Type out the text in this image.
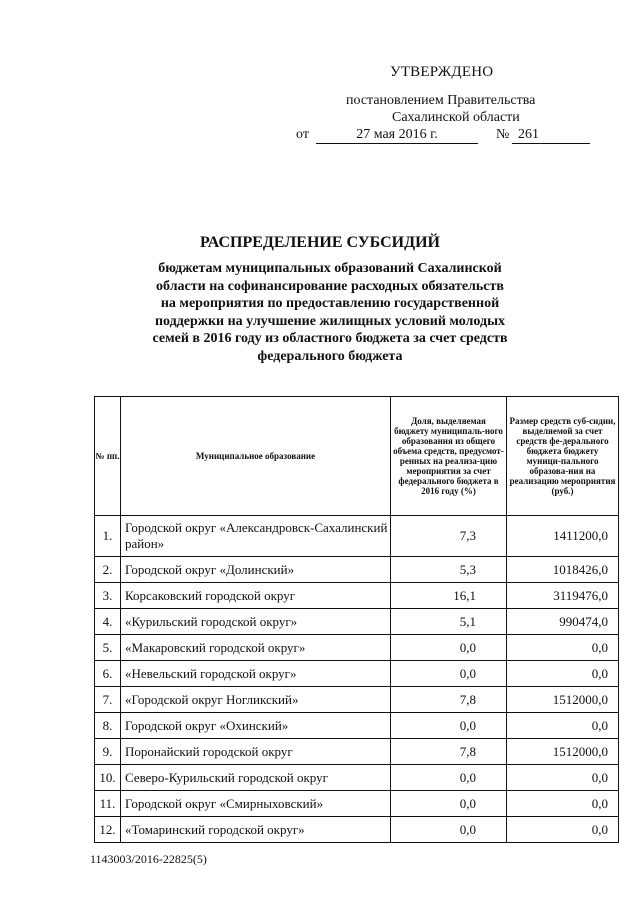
УТВЕРЖДЕНО
постановлением Правительства
Сахалинской области
от	27 мая 2016 г.	№ 261
РАСПРЕДЕЛЕНИЕ СУБСИДИЙ
бюджетам муниципальных образований Сахалинской области на софинансирование расходных обязательств на мероприятия по предоставлению государственной поддержки на улучшение жилищных условий молодых семей в 2016 году из областного бюджета за счет средств федерального бюджета
№ пп.	Муниципальное образование	Доля, выделяемая бюджету муниципаль-ного образования из общего объема средств, предусмот-ренных на реализа-цию мероприятия за счет федерального бюджета в 2016 году (%)	Размер средств суб-сидии, выделяемой за счет средств фе-дерального бюджета бюджету муници-пального образова-ния на реализацию мероприятия (руб.)
1.	Городской округ «Александровск-Сахалинский район»	7,3	1411200,0
2.	Городской округ «Долинский»	5,3	1018426,0
3.	Корсаковский городской округ	16,1	3119476,0
4.	«Курильский городской округ»	5,1	990474,0
5.	«Макаровский городской округ»	0,0	0,0
6.	«Невельский городской округ»	0,0	0,0
7.	«Городской округ Ногликский»	7,8	1512000,0
8.	Городской округ «Охинский»	0,0	0,0
9.	Поронайский городской округ	7,8	1512000,0
10.	Северо-Курильский городской округ	0,0	0,0
11.	Городской округ «Смирныховский»	0,0	0,0
12.	«Томаринский городской округ»	0,0	0,0
1143003/2016-22825(5)
